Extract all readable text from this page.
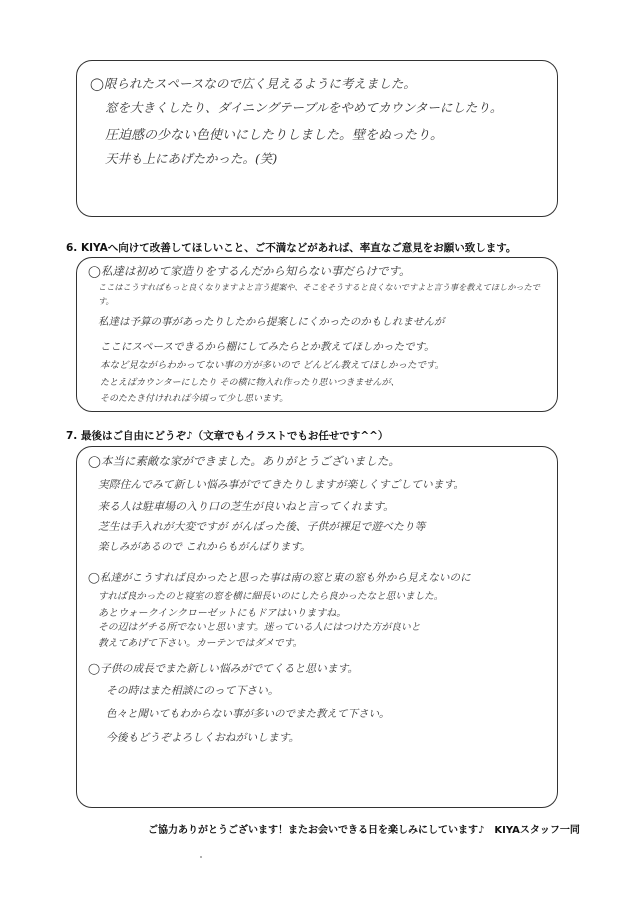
◯限られたスペースなので広く見えるように考えました。
窓を大きくしたり、ダイニングテーブルをやめてカウンターにしたり。
圧迫感の少ない色使いにしたりしました。壁をぬったり。
天井も上にあげたかった。(笑)
6. KIYAへ向けて改善してほしいこと、ご不満などがあれば、率直なご意見をお願い致します。
◯私達は初めて家造りをするんだから知らない事だらけです。
ここはこうすればもっと良くなりますよと言う提案や、そこをそうすると良くないですよと言う事を教えてほしかったです。
私達は予算の事があったりしたから提案しにくかったのかもしれませんが
ここにスペースできるから棚にしてみたらとか教えてほしかったです。
本など見ながらわかってない事の方が多いので どんどん教えてほしかったです。
たとえばカウンターにしたり その横に物入れ作ったり思いつきませんが、
そのたたき付けれれば今頃って少し思います。
7. 最後はご自由にどうぞ♪（文章でもイラストでもお任せです^^）
◯本当に素敵な家ができました。ありがとうございました。
実際住んでみて新しい悩み事がでてきたりしますが楽しくすごしています。
来る人は駐車場の入り口の芝生が良いねと言ってくれます。
芝生は手入れが大変ですが がんばった後、子供が裸足で遊べたり等
楽しみがあるので これからもがんばります。
◯私達がこうすれば良かったと思った事は南の窓と東の窓も外から見えないのに
すれば良かったのと寝室の窓を横に細長いのにしたら良かったなと思いました。
あとウォークインクローゼットにもドアはいりますね。
その辺はゲチる所でないと思います。迷っている人にはつけた方が良いと
教えてあげて下さい。カーテンではダメです。
◯子供の成長でまた新しい悩みがでてくると思います。
その時はまた相談にのって下さい。
色々と聞いてもわからない事が多いのでまた教えて下さい。
今後もどうぞよろしくおねがいします。
ご協力ありがとうございます！またお会いできる日を楽しみにしています♪　KIYAスタッフ一同
